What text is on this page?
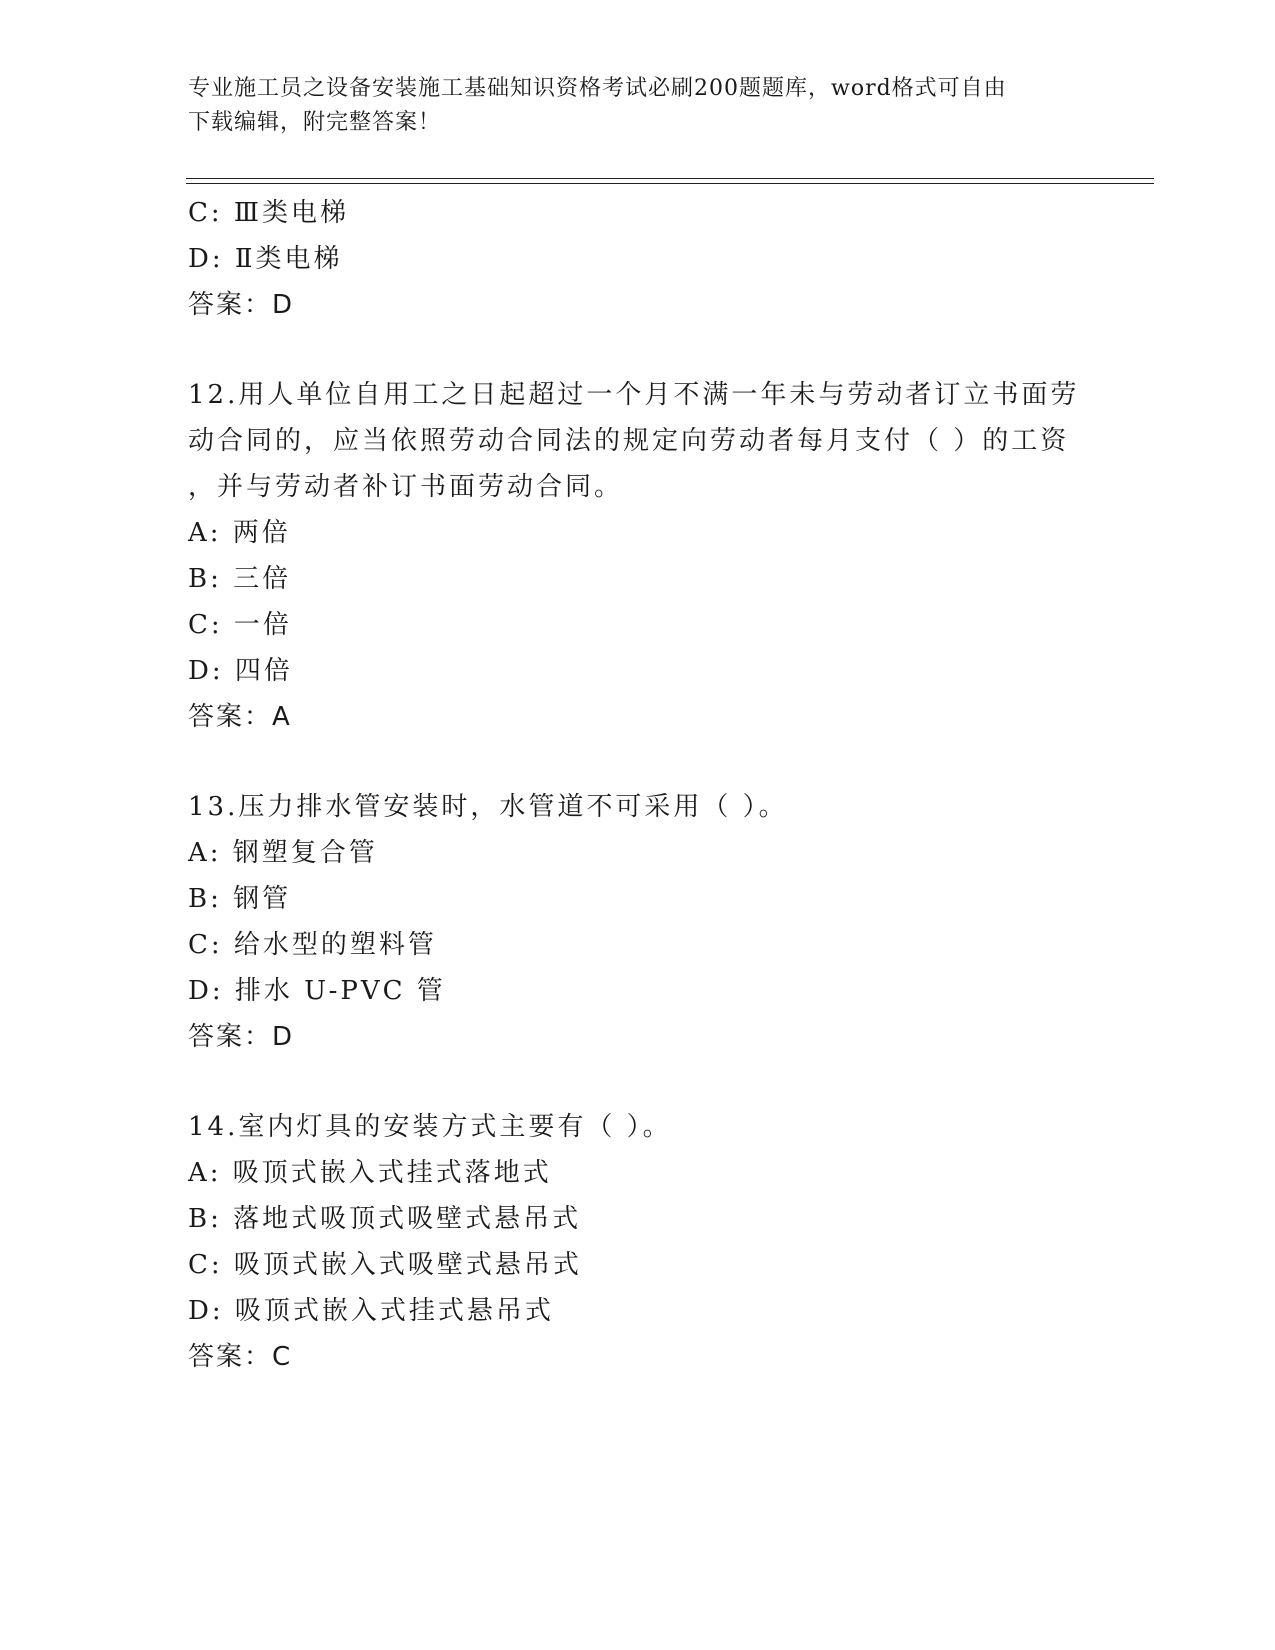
专业施工员之设备安装施工基础知识资格考试必刷200题题库，word格式可自由
下载编辑，附完整答案！
C: Ⅲ类电梯
D: Ⅱ类电梯
答案：D
12.用人单位自用工之日起超过一个月不满一年未与劳动者订立书面劳
动合同的，应当依照劳动合同法的规定向劳动者每月支付（ ）的工资
，并与劳动者补订书面劳动合同。
A: 两倍
B: 三倍
C: 一倍
D: 四倍
答案：A
13.压力排水管安装时，水管道不可采用（ ）。
A: 钢塑复合管
B: 钢管
C: 给水型的塑料管
D: 排水 U-PVC 管
答案：D
14.室内灯具的安装方式主要有（ ）。
A: 吸顶式嵌入式挂式落地式
B: 落地式吸顶式吸壁式悬吊式
C: 吸顶式嵌入式吸壁式悬吊式
D: 吸顶式嵌入式挂式悬吊式
答案：C
